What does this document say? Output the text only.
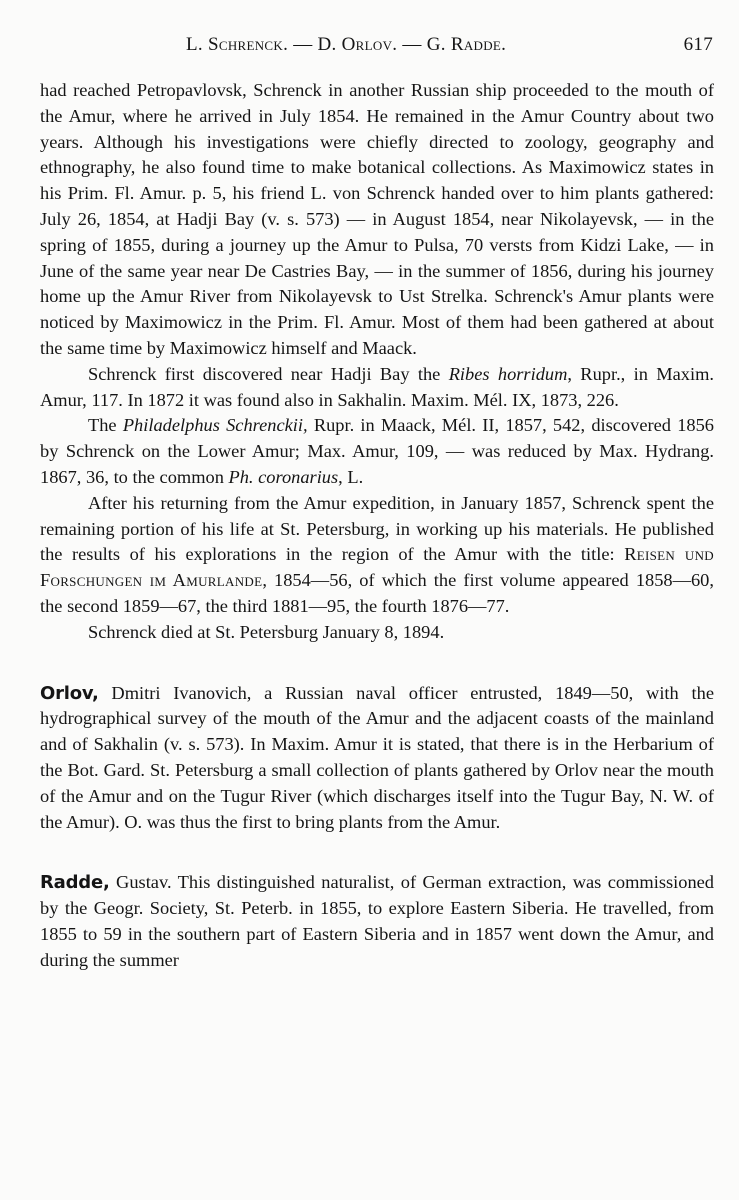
L. Schrenck. — D. Orlov. — G. Radde.	617

had reached Petropavlovsk, Schrenck in another Russian ship proceeded to the mouth of the Amur, where he arrived in July 1854. He remained in the Amur Country about two years. Although his investigations were chiefly directed to zoology, geography and ethnography, he also found time to make botanical collections. As Maximowicz states in his Prim. Fl. Amur. p. 5, his friend L. von Schrenck handed over to him plants gathered: July 26, 1854, at Hadji Bay (v. s. 573) — in August 1854, near Nikolayevsk, — in the spring of 1855, during a journey up the Amur to Pulsa, 70 versts from Kidzi Lake, — in June of the same year near De Castries Bay, — in the summer of 1856, during his journey home up the Amur River from Nikolayevsk to Ust Strelka. Schrenck's Amur plants were noticed by Maximowicz in the Prim. Fl. Amur. Most of them had been gathered at about the same time by Maximowicz himself and Maack.

Schrenck first discovered near Hadji Bay the Ribes horridum, Rupr., in Maxim. Amur, 117. In 1872 it was found also in Sakhalin. Maxim. Mél. IX, 1873, 226.

The Philadelphus Schrenckii, Rupr. in Maack, Mél. II, 1857, 542, discovered 1856 by Schrenck on the Lower Amur; Max. Amur, 109, — was reduced by Max. Hydrang. 1867, 36, to the common Ph. coronarius, L.

After his returning from the Amur expedition, in January 1857, Schrenck spent the remaining portion of his life at St. Petersburg, in working up his materials. He published the results of his explorations in the region of the Amur with the title: Reisen und Forschungen im Amurlande, 1854—56, of which the first volume appeared 1858—60, the second 1859—67, the third 1881—95, the fourth 1876—77.

Schrenck died at St. Petersburg January 8, 1894.

Orlov, Dmitri Ivanovich, a Russian naval officer entrusted, 1849—50, with the hydrographical survey of the mouth of the Amur and the adjacent coasts of the mainland and of Sakhalin (v. s. 573). In Maxim. Amur it is stated, that there is in the Herbarium of the Bot. Gard. St. Petersburg a small collection of plants gathered by Orlov near the mouth of the Amur and on the Tugur River (which discharges itself into the Tugur Bay, N. W. of the Amur). O. was thus the first to bring plants from the Amur.

Radde, Gustav. This distinguished naturalist, of German extraction, was commissioned by the Geogr. Society, St. Peterb. in 1855, to explore Eastern Siberia. He travelled, from 1855 to 59 in the southern part of Eastern Siberia and in 1857 went down the Amur, and during the summer
